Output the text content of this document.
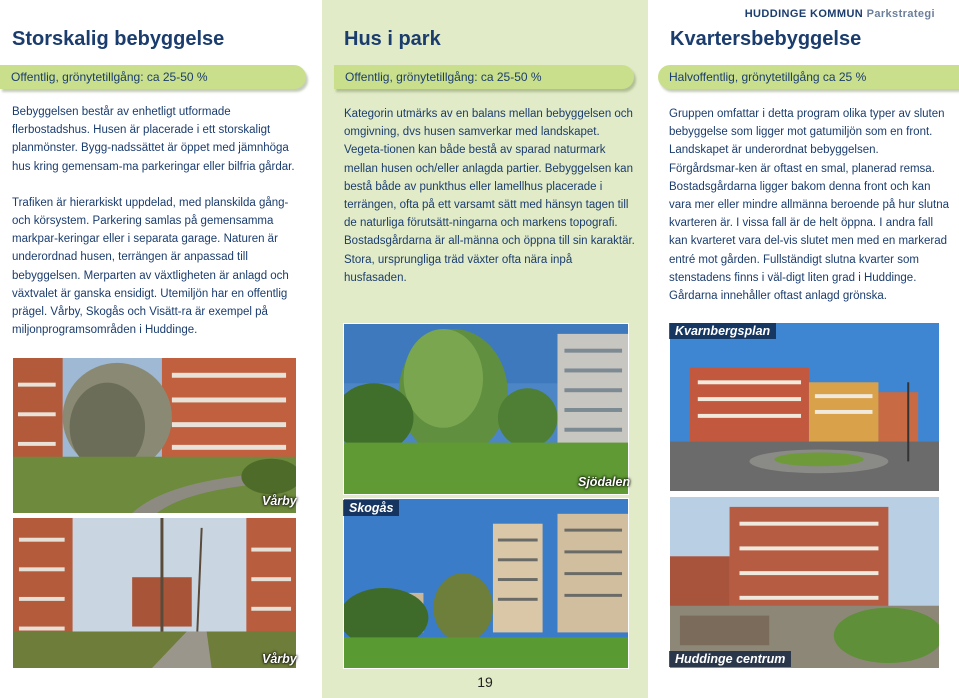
HUDDINGE KOMMUN Parkstrategi
Storskalig bebyggelse
Offentlig, grönytetillgång: ca 25-50 %

Bebyggelsen består av enhetligt utformade flerbostadshus. Husen är placerade i ett storskaligt planmönster. Bygg-nadssättet är öppet med jämnhöga hus kring gemensam-ma parkeringar eller bilfria gårdar.

Trafiken är hierarkiskt uppdelad, med planskilda gång- och körsystem. Parkering samlas på gemensamma markpar-keringar eller i separata garage. Naturen är underordnad husen, terrängen är anpassad till bebyggelsen. Merparten av växtligheten är anlagd och växtvalet är ganska ensidigt. Utemiljön har en offentlig prägel. Vårby, Skogås och Visätt-ra är exempel på miljonprogramsområden i Huddinge.

Vårby
Vårby
Hus i park
Offentlig, grönytetillgång: ca 25-50 %

Kategorin utmärks av en balans mellan bebyggelsen och omgivning, dvs husen samverkar med landskapet. Vegeta-tionen kan både bestå av sparad naturmark mellan husen och/eller anlagda partier. Bebyggelsen kan bestå både av punkthus eller lamellhus placerade i terrängen, ofta på ett varsamt sätt med hänsyn tagen till de naturliga förutsätt-ningarna och markens topografi. Bostadsgårdarna är all-männa och öppna till sin karaktär. Stora, ursprungliga träd växter ofta nära inpå husfasaden.

Sjödalen
Skogås
19
Kvartersbebyggelse
Halvoffentlig, grönytetillgång ca 25 %

Gruppen omfattar i detta program olika typer av sluten bebyggelse som ligger mot gatumiljön som en front. Landskapet är underordnat bebyggelsen. Förgårdsmar-ken är oftast en smal, planerad remsa. Bostadsgårdarna ligger bakom denna front och kan vara mer eller mindre allmänna beroende på hur slutna kvarteren är. I vissa fall är de helt öppna. I andra fall kan kvarteret vara del-vis slutet men med en markerad entré mot gården. Fullständigt slutna kvarter som stenstadens finns i väl-digt liten grad i Huddinge. Gårdarna innehåller oftast anlagd grönska.

Kvarnbergsplan
Huddinge centrum
